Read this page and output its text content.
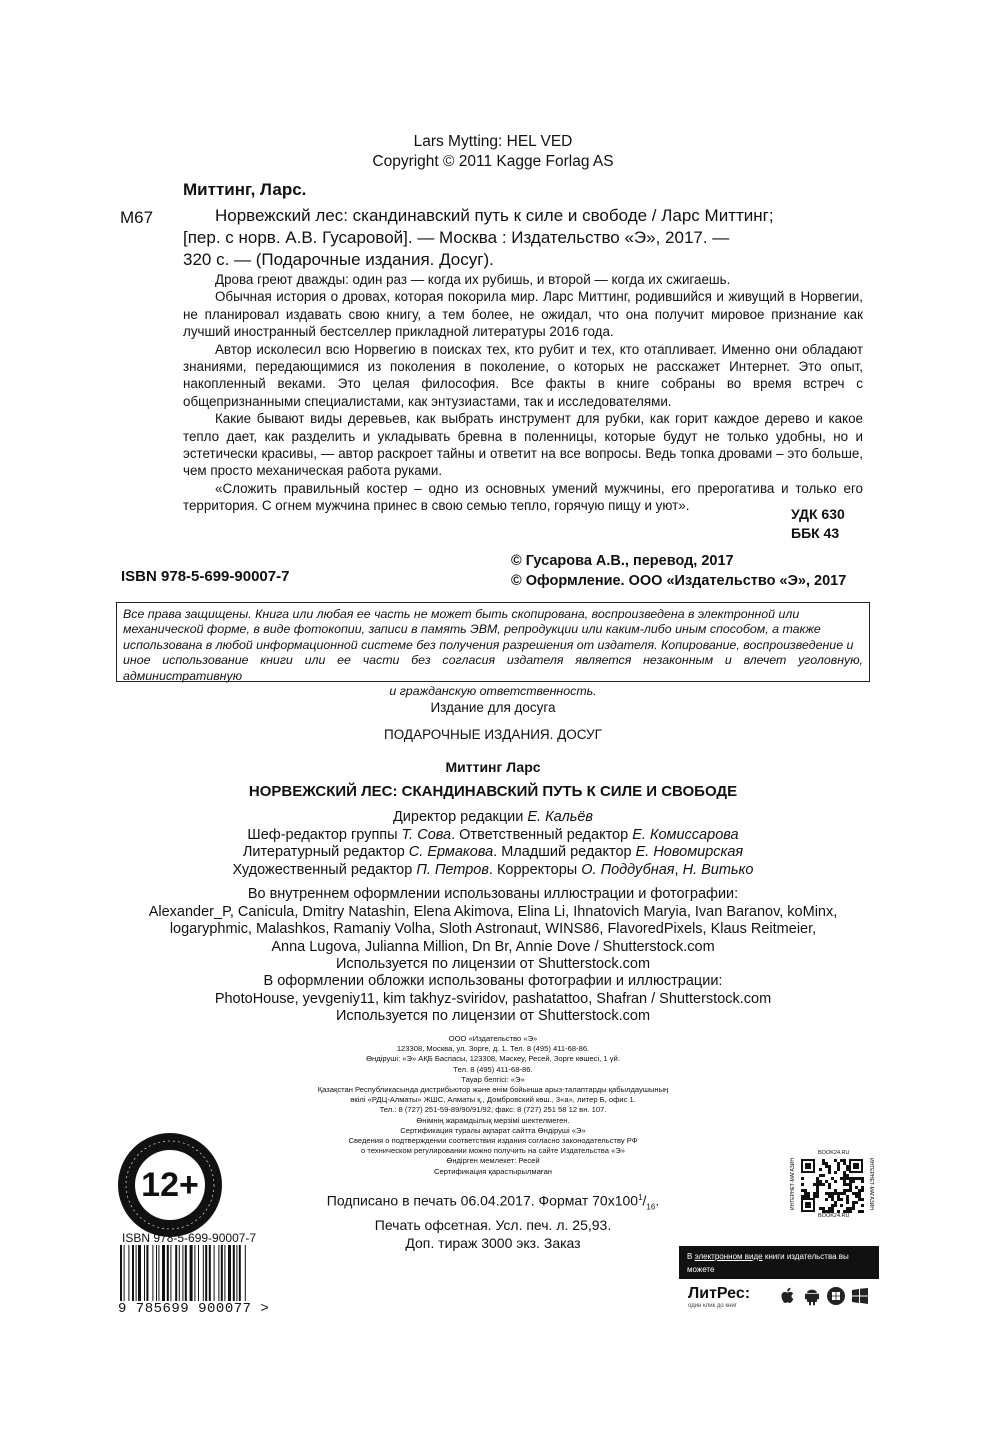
Lars Mytting: HEL VED
Copyright © 2011 Kagge Forlag AS
Миттинг, Ларс.
М67	Норвежский лес: скандинавский путь к силе и свободе / Ларс Миттинг;

[пер. с норв. А.В. Гусаровой]. — Москва : Издательство «Э», 2017. —

320 с. — (Подарочные издания. Досуг).

Дрова греют дважды: один раз — когда их рубишь, и второй — когда их сжигаешь.

Обычная история о дровах, которая покорила мир. Ларс Миттинг, родившийся и живущий в Норвегии, не планировал издавать свою книгу, а тем более, не ожидал, что она получит мировое признание как лучший иностранный бестселлер прикладной литературы 2016 года.

Автор исколесил всю Норвегию в поисках тех, кто рубит и тех, кто отапливает. Именно они обладают знаниями, передающимися из поколения в поколение, о которых не расскажет Интернет. Это опыт, накопленный веками. Это целая философия. Все факты в книге собраны во время встреч с общепризнанными специалистами, как энтузиастами, так и исследователями.

Какие бывают виды деревьев, как выбрать инструмент для рубки, как горит каждое дерево и какое тепло дает, как разделить и укладывать бревна в поленницы, которые будут не только удобны, но и эстетически красивы, — автор раскроет тайны и ответит на все вопросы. Ведь топка дровами – это больше, чем просто механическая работа руками.

«Сложить правильный костер – одно из основных умений мужчины, его прерогатива и только его территория. С огнем мужчина принес в свою семью тепло, горячую пищу и уют».

УДК 630
ББК 43
© Гусарова А.В., перевод, 2017
© Оформление. ООО «Издательство «Э», 2017
ISBN 978-5-699-90007-7
Все права защищены. Книга или любая ее часть не может быть скопирована, воспроизведена в электронной или
механической форме, в виде фотокопии, записи в память ЭВМ, репродукции или каким-либо иным способом, а также
использована в любой информационной системе без получения разрешения от издателя. Копирование, воспроизведение и
иное использование книги или ее части без согласия издателя является незаконным и влечет уголовную, административную
и гражданскую ответственность.
Издание для досуга
ПОДАРОЧНЫЕ ИЗДАНИЯ. ДОСУГ
Миттинг Ларс
НОРВЕЖСКИЙ ЛЕС: СКАНДИНАВСКИЙ ПУТЬ К СИЛЕ И СВОБОДЕ
Директор редакции Е. Кальёв
Шеф-редактор группы Т. Сова. Ответственный редактор Е. Комиссарова
Литературный редактор С. Ермакова. Младший редактор Е. Новомирская
Художественный редактор П. Петров. Корректоры О. Поддубная, Н. Витько
Во внутреннем оформлении использованы иллюстрации и фотографии:
Alexander_P, Canicula, Dmitry Natashin, Elena Akimova, Elina Li, Ihnatovich Maryia, Ivan Baranov, koMinx,
logaryphmic, Malashkos, Ramaniy Volha, Sloth Astronaut, WINS86, FlavoredPixels, Klaus Reitmeier,
Anna Lugova, Julianna Million, Dn Br, Annie Dove / Shutterstock.com
Используется по лицензии от Shutterstock.com
В оформлении обложки использованы фотографии и иллюстрации:
PhotoHouse, yevgeniy11, kim takhyz-sviridov, pashatattoo, Shafran / Shutterstock.com
Используется по лицензии от Shutterstock.com
ООО «Издательство «Э»
123308, Москва, ул. Зорге, д. 1. Тел. 8 (495) 411-68-86.
Өндіруші: «Э» АҚБ Баспасы, 123308, Мәскеу, Ресей, Зорге көшесі, 1 үй.
Тел. 8 (495) 411-68-86.
Тауар белгісі: «Э»
Қазақстан Республикасында дистрибьютор және өнім бойынша арыз-талаптарды қабылдаушының
өкілі «РДЦ-Алматы» ЖШС, Алматы қ., Домбровский көш., 3«а», литер Б, офис 1.
Тел.: 8 (727) 251-59-89/90/91/92, факс: 8 (727) 251 58 12 вн. 107.
Өнімнің жарамдылық мерзімі шектелмеген.
Сертификация туралы ақпарат сайтта Өндіруші «Э»
Сведения о подтверждении соответствия издания согласно законодательству РФ
о техническом регулировании можно получить на сайте Издательства «Э»
Өндірген мемлекет: Ресей
Сертификация қарастырылмаған
12+	Подписано в печать 06.04.2017. Формат $70х100^1/_{16}$.
Печать офсетная. Усл. печ. л. 25,93.
Доп. тираж 3000 экз. Заказ
ISBN 978-5-699-90007-7
9 785699 900077 >
BOOK24.RU
ИНТЕРНЕТ-МАГАЗИН	ИНТЕРНЕТ-МАГАЗИН
BOOK24.RU
В электронном виде книги издательства вы можете
купить на www.litres.ru
ЛитРес:
один клик до книг
